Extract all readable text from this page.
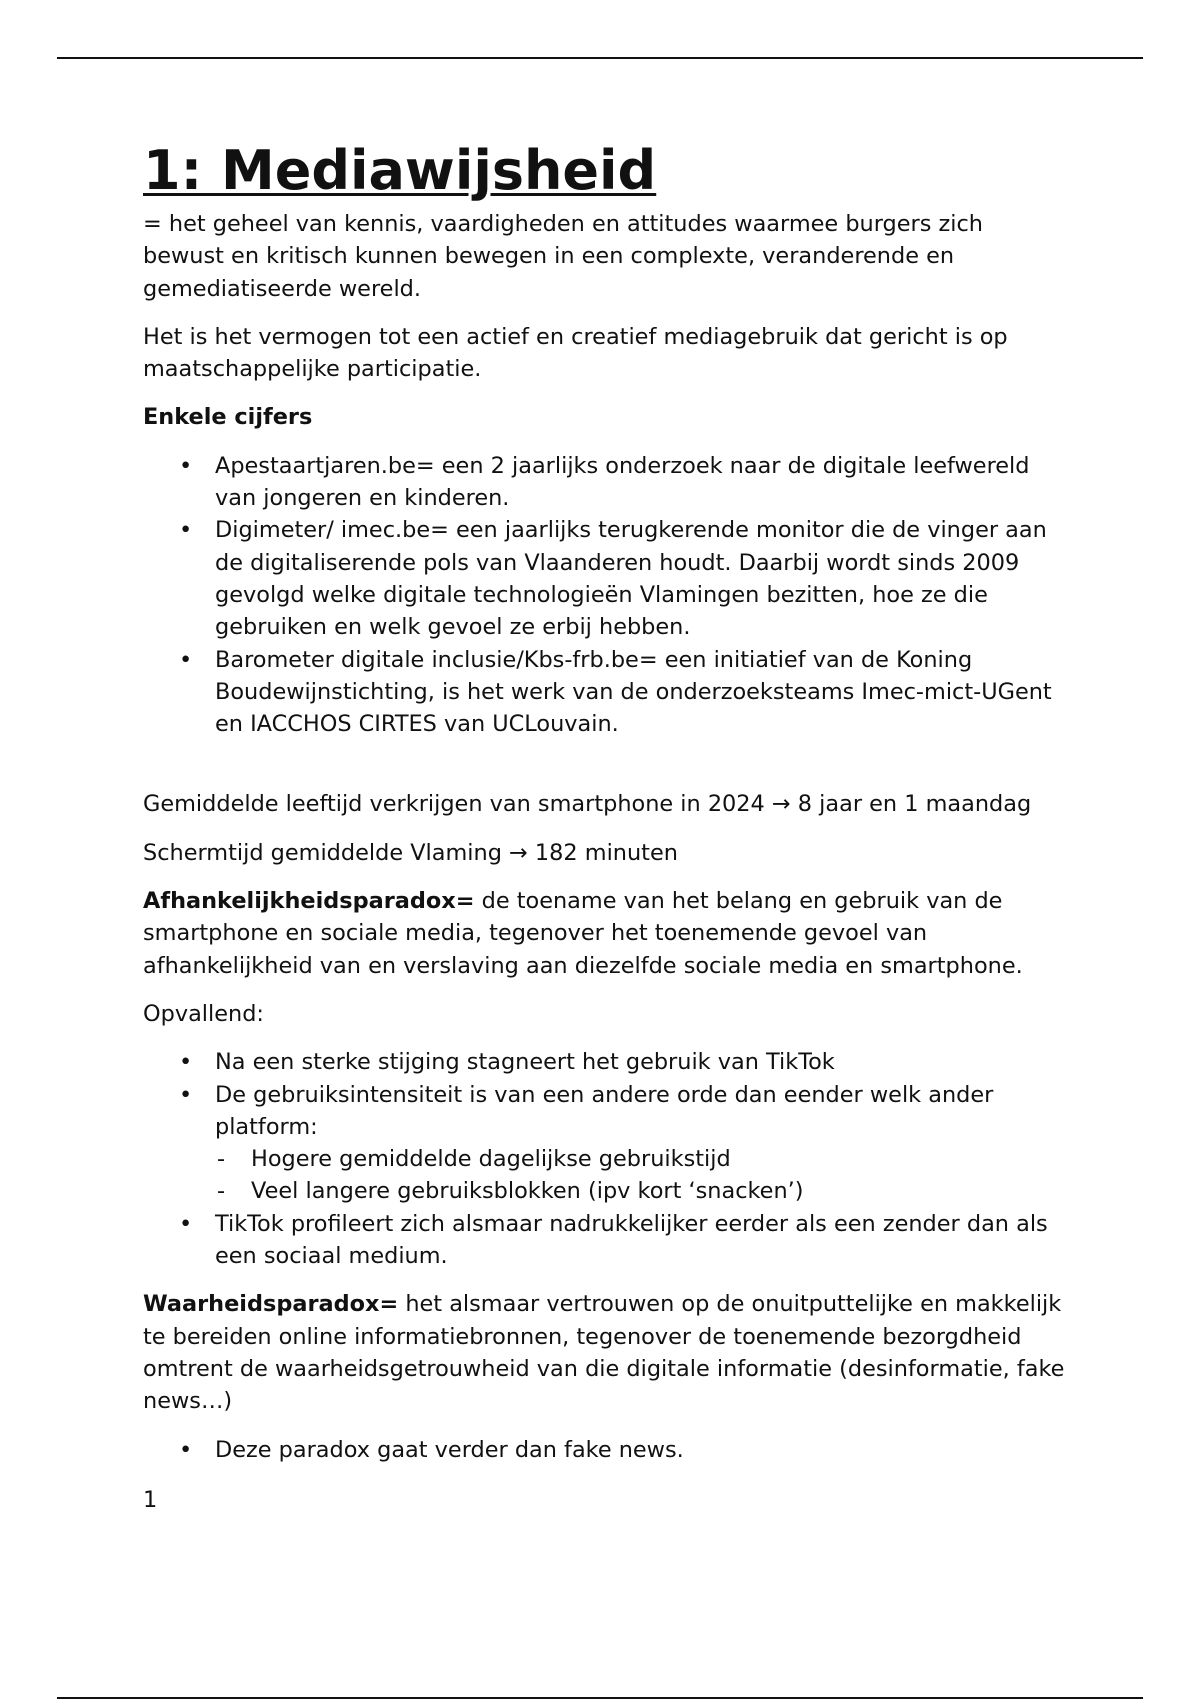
1: Mediawijsheid

= het geheel van kennis, vaardigheden en attitudes waarmee burgers zich bewust en kritisch kunnen bewegen in een complexte, veranderende en gemediatiseerde wereld.

Het is het vermogen tot een actief en creatief mediagebruik dat gericht is op maatschappelijke participatie.

Enkele cijfers

• Apestaartjaren.be= een 2 jaarlijks onderzoek naar de digitale leefwereld van jongeren en kinderen.
• Digimeter/ imec.be= een jaarlijks terugkerende monitor die de vinger aan de digitaliserende pols van Vlaanderen houdt. Daarbij wordt sinds 2009 gevolgd welke digitale technologieën Vlamingen bezitten, hoe ze die gebruiken en welk gevoel ze erbij hebben.
• Barometer digitale inclusie/Kbs-frb.be= een initiatief van de Koning Boudewijnstichting, is het werk van de onderzoeksteams Imec-mict-UGent en IACCHOS CIRTES van UCLouvain.

Gemiddelde leeftijd verkrijgen van smartphone in 2024 → 8 jaar en 1 maandag

Schermtijd gemiddelde Vlaming → 182 minuten

Afhankelijkheidsparadox= de toename van het belang en gebruik van de smartphone en sociale media, tegenover het toenemende gevoel van afhankelijkheid van en verslaving aan diezelfde sociale media en smartphone.

Opvallend:

• Na een sterke stijging stagneert het gebruik van TikTok
• De gebruiksintensiteit is van een andere orde dan eender welk ander platform:
- Hogere gemiddelde dagelijkse gebruikstijd
- Veel langere gebruiksblokken (ipv kort ‘snacken’)
• TikTok profileert zich alsmaar nadrukkelijker eerder als een zender dan als een sociaal medium.

Waarheidsparadox= het alsmaar vertrouwen op de onuitputtelijke en makkelijk te bereiden online informatiebronnen, tegenover de toenemende bezorgdheid omtrent de waarheidsgetrouwheid van die digitale informatie (desinformatie, fake news…)

• Deze paradox gaat verder dan fake news.
1
